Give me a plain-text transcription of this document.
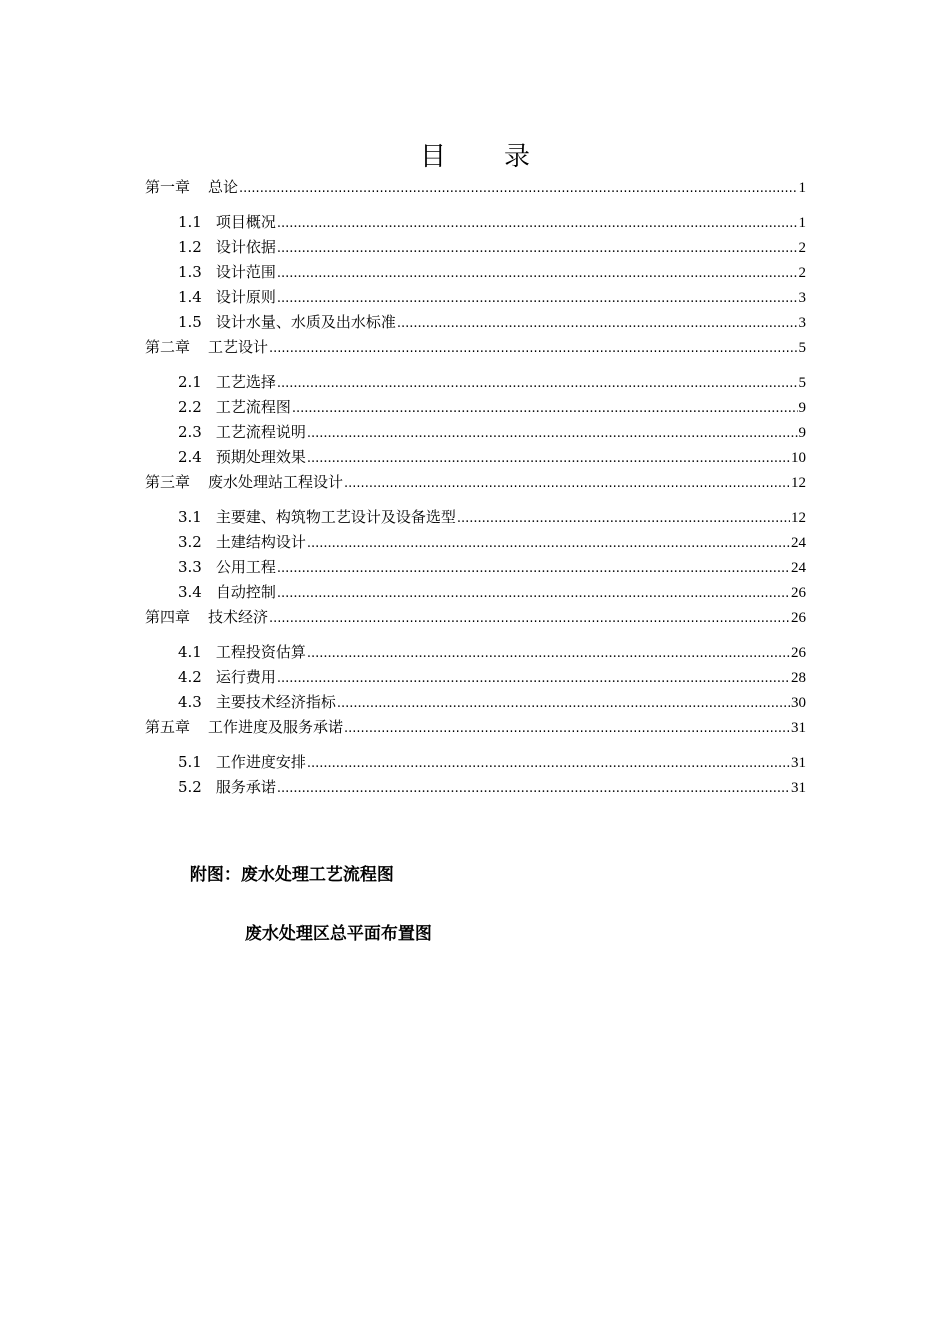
目 录
第一章 总论 .....	1
1.1 项目概况 .....	1
1.2 设计依据 .....	2
1.3 设计范围 .....	2
1.4 设计原则 .....	3
1.5 设计水量、水质及出水标准 .....	3
第二章 工艺设计 .....	5
2.1 工艺选择 .....	5
2.2 工艺流程图 .....	9
2.3 工艺流程说明 .....	9
2.4 预期处理效果 .....	10
第三章 废水处理站工程设计 .....	12
3.1 主要建、构筑物工艺设计及设备选型 .....	12
3.2 土建结构设计 .....	24
3.3 公用工程 .....	24
3.4 自动控制 .....	26
第四章 技术经济 .....	26
4.1 工程投资估算 .....	26
4.2 运行费用 .....	28
4.3 主要技术经济指标 .....	30
第五章 工作进度及服务承诺 .....	31
5.1 工作进度安排 .....	31
5.2 服务承诺 .....	31

附图：废水处理工艺流程图

废水处理区总平面布置图
